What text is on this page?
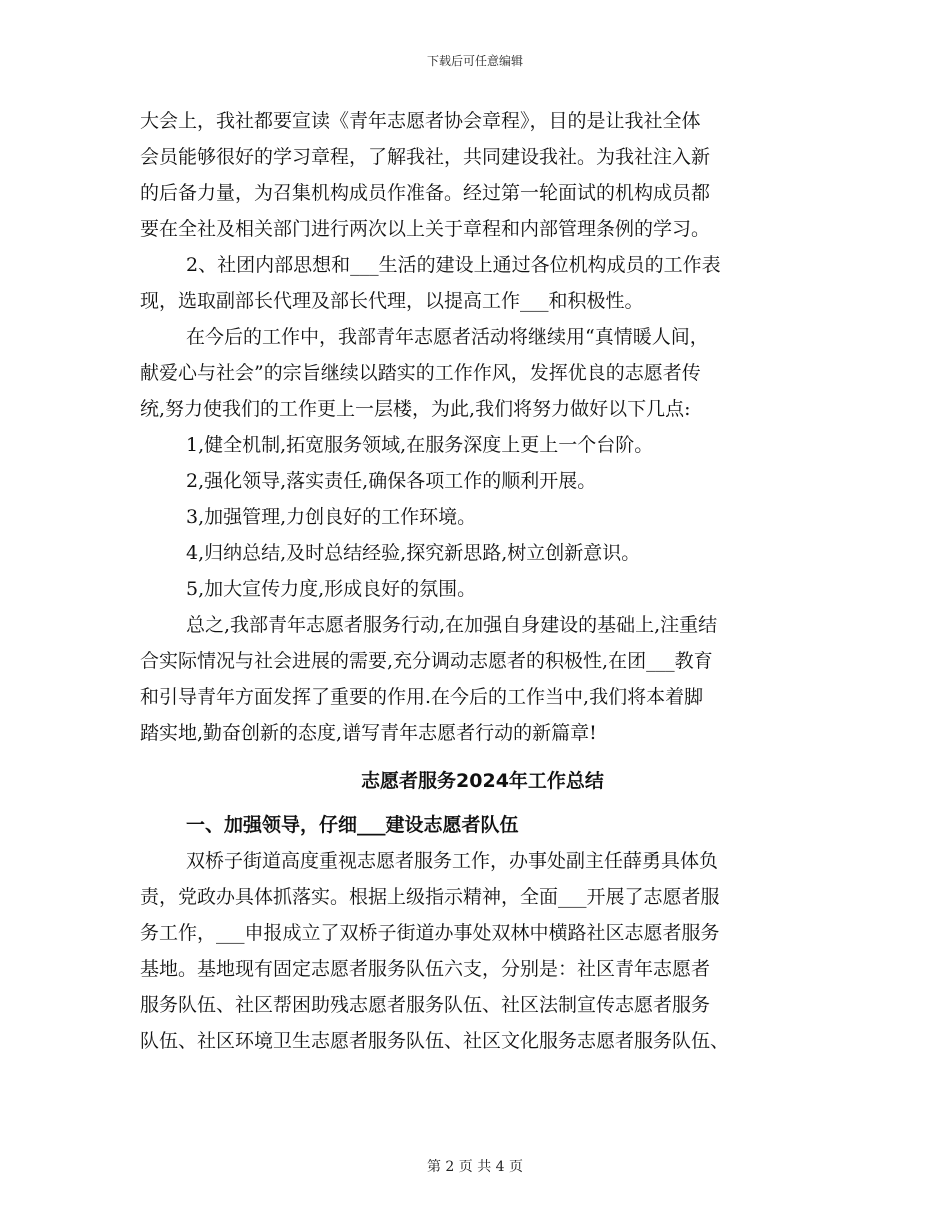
下载后可任意编辑

大会上，我社都要宣读《青年志愿者协会章程》，目的是让我社全体

会员能够很好的学习章程，了解我社，共同建设我社。为我社注入新

的后备力量，为召集机构成员作准备。经过第一轮面试的机构成员都

要在全社及相关部门进行两次以上关于章程和内部管理条例的学习。

2、社团内部思想和___生活的建设上通过各位机构成员的工作表

现，选取副部长代理及部长代理，以提高工作___和积极性。

在今后的工作中，我部青年志愿者活动将继续用“真情暖人间，

献爱心与社会”的宗旨继续以踏实的工作作风，发挥优良的志愿者传

统,努力使我们的工作更上一层楼，为此,我们将努力做好以下几点:

1,健全机制,拓宽服务领域,在服务深度上更上一个台阶。

2,强化领导,落实责任,确保各项工作的顺利开展。

3,加强管理,力创良好的工作环境。

4,归纳总结,及时总结经验,探究新思路,树立创新意识。

5,加大宣传力度,形成良好的氛围。

总之,我部青年志愿者服务行动,在加强自身建设的基础上,注重结

合实际情况与社会进展的需要,充分调动志愿者的积极性,在团___教育

和引导青年方面发挥了重要的作用.在今后的工作当中,我们将本着脚

踏实地,勤奋创新的态度,谱写青年志愿者行动的新篇章!

志愿者服务2024年工作总结
一、加强领导，仔细___建设志愿者队伍

双桥子街道高度重视志愿者服务工作，办事处副主任薛勇具体负

责，党政办具体抓落实。根据上级指示精神，全面___开展了志愿者服

务工作，___申报成立了双桥子街道办事处双林中横路社区志愿者服务

基地。基地现有固定志愿者服务队伍六支，分别是：社区青年志愿者

服务队伍、社区帮困助残志愿者服务队伍、社区法制宣传志愿者服务

队伍、社区环境卫生志愿者服务队伍、社区文化服务志愿者服务队伍、

第 2 页 共 4 页
